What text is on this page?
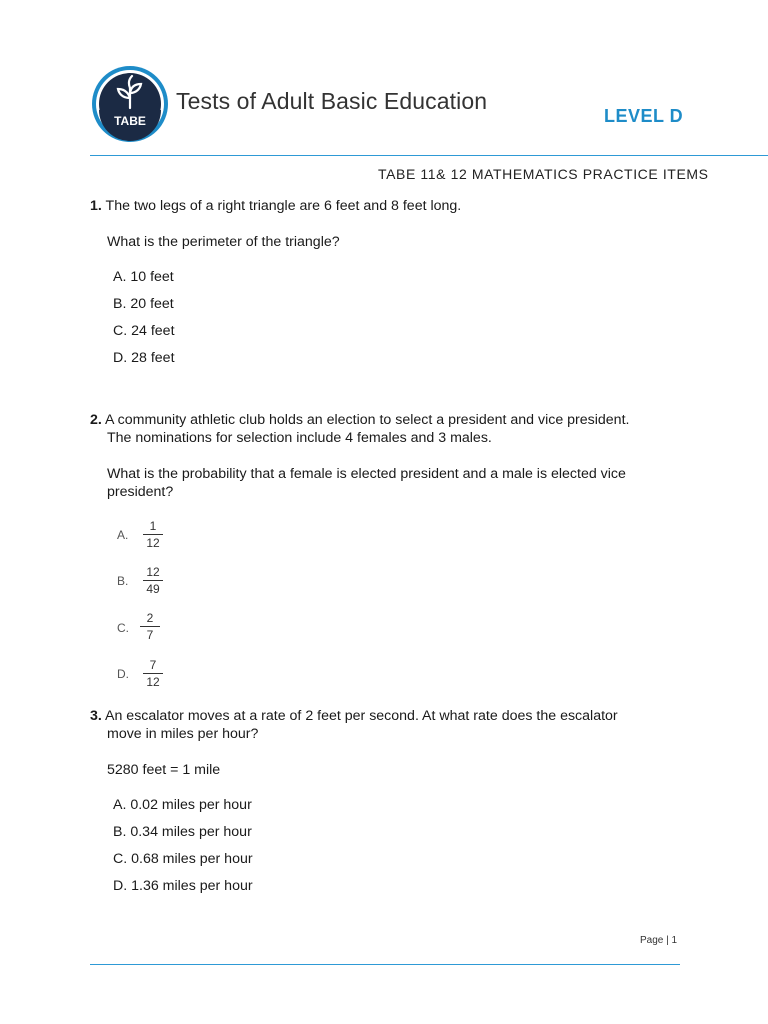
TABE
Tests of Adult Basic Education
LEVEL D
TABE 11& 12 MATHEMATICS PRACTICE ITEMS
1. The two legs of a right triangle are 6 feet and 8 feet long.
What is the perimeter of the triangle?
A. 10 feet
B. 20 feet
C. 24 feet
D. 28 feet
2. A community athletic club holds an election to select a president and vice president.
The nominations for selection include 4 females and 3 males.
What is the probability that a female is elected president and a male is elected vice
president?
A.
1
12
B.
12
49
C.
2
7
D.
7
12
3. An escalator moves at a rate of 2 feet per second. At what rate does the escalator
move in miles per hour?
5280 feet = 1 mile
A. 0.02 miles per hour
B. 0.34 miles per hour
C. 0.68 miles per hour
D. 1.36 miles per hour
Page | 1
